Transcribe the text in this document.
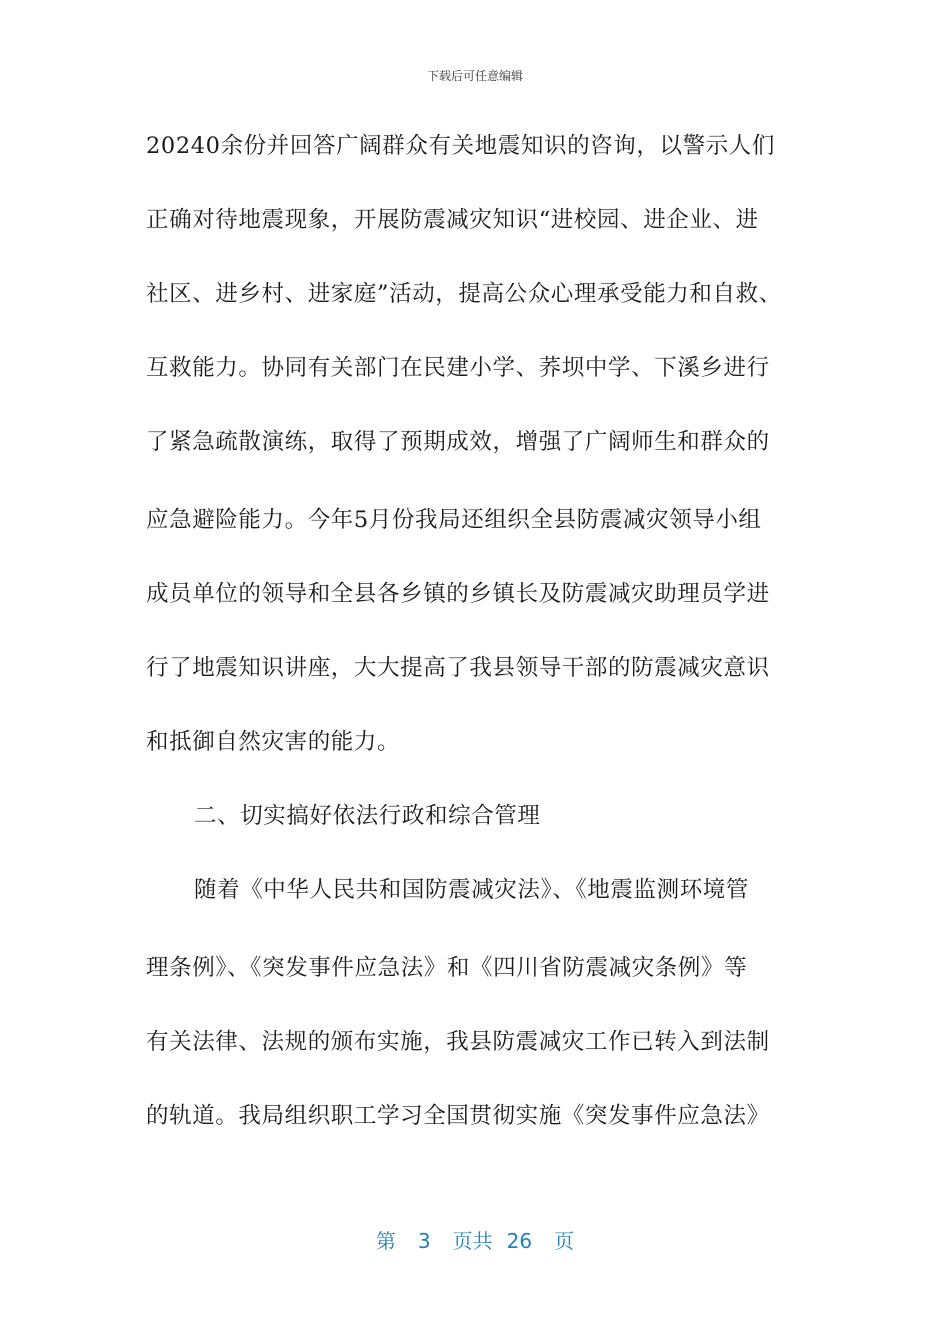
下载后可任意编辑
20240余份并回答广阔群众有关地震知识的咨询，以警示人们
正确对待地震现象，开展防震减灾知识“进校园、进企业、进
社区、进乡村、进家庭”活动，提高公众心理承受能力和自救、
互救能力。协同有关部门在民建小学、荞坝中学、下溪乡进行
了紧急疏散演练，取得了预期成效，增强了广阔师生和群众的
应急避险能力。今年5月份我局还组织全县防震减灾领导小组
成员单位的领导和全县各乡镇的乡镇长及防震减灾助理员学进
行了地震知识讲座，大大提高了我县领导干部的防震减灾意识
和抵御自然灾害的能力。
二、切实搞好依法行政和综合管理
随着《中华人民共和国防震减灾法》、《地震监测环境管
理条例》、《突发事件应急法》和《四川省防震减灾条例》等
有关法律、法规的颁布实施，我县防震减灾工作已转入到法制
的轨道。我局组织职工学习全国贯彻实施《突发事件应急法》
第 3 页共 26 页
